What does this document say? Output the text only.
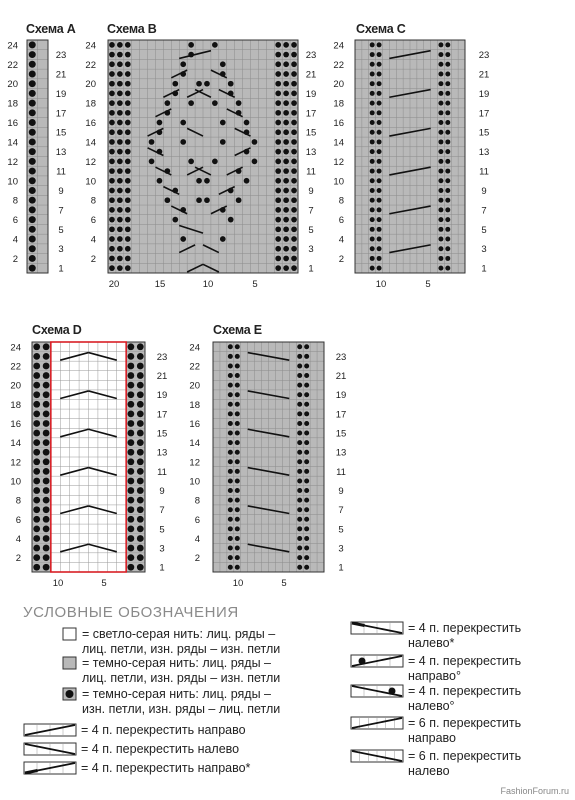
Схема A	Схема B	Схема C
Схема D	Схема E
24
22
20
18
16
14
12
10
8
6
4
2
23
21
19
17
15
13
11
9
7
5
3
1
24
22
20
18
16
14
12
10
8
6
4
2
23
21
19
17
15
13
11
9
7
5
3
1
20	15	10	5
24
22
20
18
16
14
12
10
8
6
4
2
23
21
19
17
15
13
11
9
7
5
3
1
10	5
24
22
20
18
16
14
12
10
8
6
4
2
23
21
19
17
15
13
11
9
7
5
3
1
10	5
24
22
20
18
16
14
12
10
8
6
4
2
23
21
19
17
15
13
11
9
7
5
3
1
10	5
УСЛОВНЫЕ ОБОЗНАЧЕНИЯ
= светло-серая нить: лиц. ряды –
лиц. петли, изн. ряды – изн. петли
= темно-серая нить: лиц. ряды –
лиц. петли, изн. ряды – изн. петли
= темно-серая нить: лиц. ряды –
изн. петли, изн. ряды – лиц. петли
= 4 п. перекрестить направо
= 4 п. перекрестить налево
= 4 п. перекрестить направо*
= 4 п. перекрестить
налево*
= 4 п. перекрестить
направо°
= 4 п. перекрестить
налево°
= 6 п. перекрестить
направо
= 6 п. перекрестить
налево
FashionForum.ru
